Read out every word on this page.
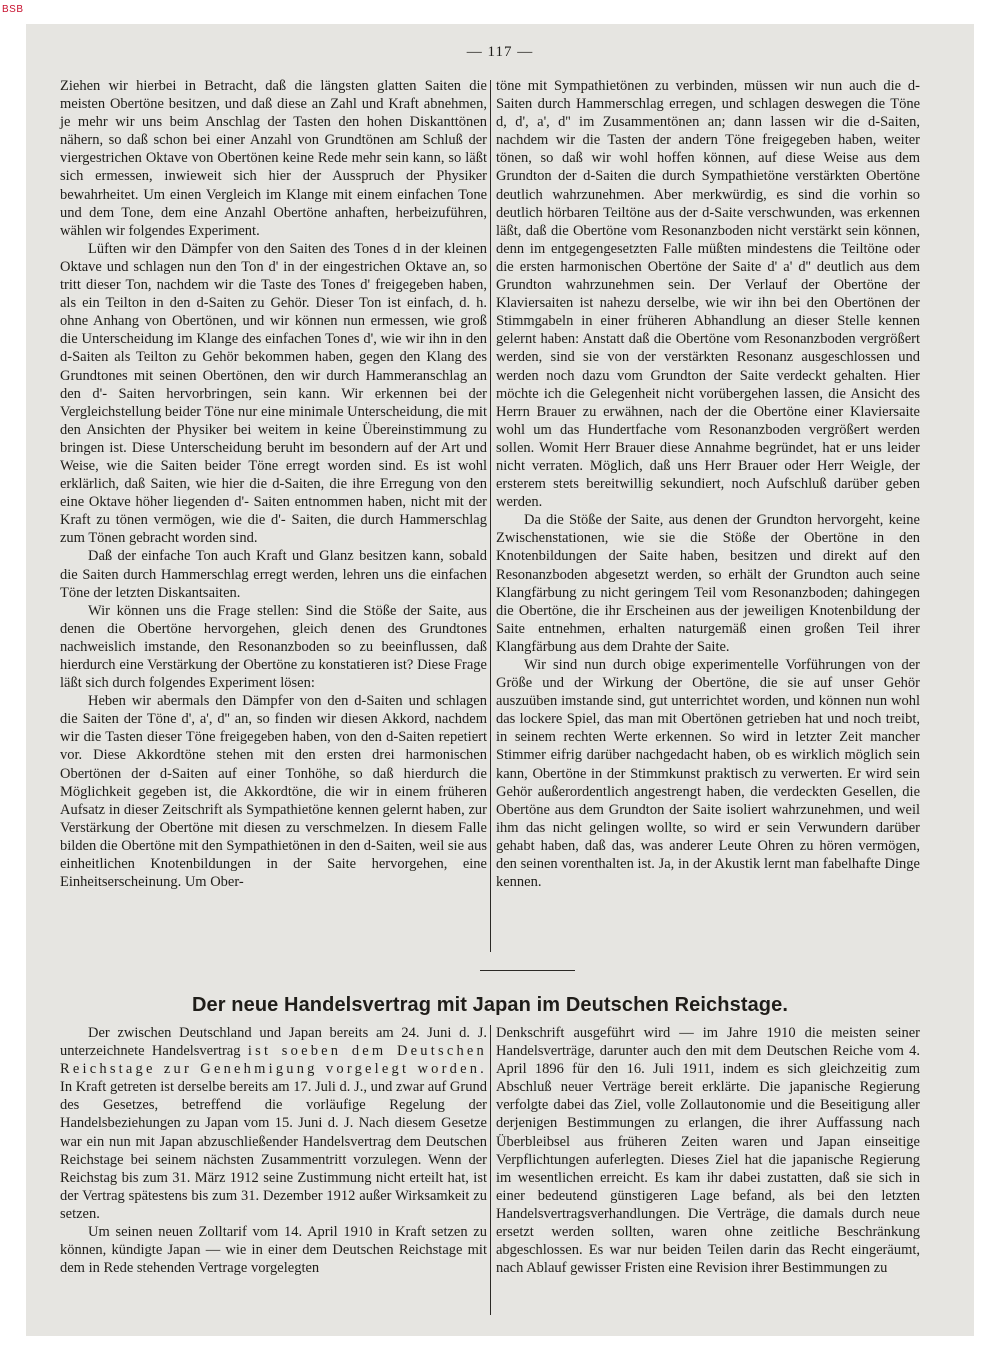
BSB
— 117 —

Ziehen wir hierbei in Betracht, daß die längsten glatten Saiten die meisten Obertöne besitzen, und daß diese an Zahl und Kraft abnehmen, je mehr wir uns beim Anschlag der Tasten den hohen Diskanttönen nähern, so daß schon bei einer Anzahl von Grundtönen am Schluß der viergestrichen Oktave von Obertönen keine Rede mehr sein kann, so läßt sich ermessen, inwieweit sich hier der Ausspruch der Physiker bewahrheitet. Um einen Vergleich im Klange mit einem einfachen Tone und dem Tone, dem eine Anzahl Obertöne anhaften, herbeizuführen, wählen wir folgendes Experiment.

Lüften wir den Dämpfer von den Saiten des Tones d in der kleinen Oktave und schlagen nun den Ton d' in der eingestrichen Oktave an, so tritt dieser Ton, nachdem wir die Taste des Tones d' freigegeben haben, als ein Teilton in den d-Saiten zu Gehör. Dieser Ton ist einfach, d. h. ohne Anhang von Obertönen, und wir können nun ermessen, wie groß die Unterscheidung im Klange des einfachen Tones d', wie wir ihn in den d-Saiten als Teilton zu Gehör bekommen haben, gegen den Klang des Grundtones mit seinen Obertönen, den wir durch Hammeranschlag an den d'- Saiten hervorbringen, sein kann. Wir erkennen bei der Vergleichstellung beider Töne nur eine minimale Unterscheidung, die mit den Ansichten der Physiker bei weitem in keine Übereinstimmung zu bringen ist. Diese Unterscheidung beruht im besondern auf der Art und Weise, wie die Saiten beider Töne erregt worden sind. Es ist wohl erklärlich, daß Saiten, wie hier die d-Saiten, die ihre Erregung von den eine Oktave höher liegenden d'- Saiten entnommen haben, nicht mit der Kraft zu tönen vermögen, wie die d'- Saiten, die durch Hammerschlag zum Tönen gebracht worden sind.

Daß der einfache Ton auch Kraft und Glanz besitzen kann, sobald die Saiten durch Hammerschlag erregt werden, lehren uns die einfachen Töne der letzten Diskantsaiten.

Wir können uns die Frage stellen: Sind die Stöße der Saite, aus denen die Obertöne hervorgehen, gleich denen des Grundtones nachweislich imstande, den Resonanzboden so zu beeinflussen, daß hierdurch eine Verstärkung der Obertöne zu konstatieren ist? Diese Frage läßt sich durch folgendes Experiment lösen:

Heben wir abermals den Dämpfer von den d-Saiten und schlagen die Saiten der Töne d', a', d'' an, so finden wir diesen Akkord, nachdem wir die Tasten dieser Töne freigegeben haben, von den d-Saiten repetiert vor. Diese Akkordtöne stehen mit den ersten drei harmonischen Obertönen der d-Saiten auf einer Tonhöhe, so daß hierdurch die Möglichkeit gegeben ist, die Akkordtöne, die wir in einem früheren Aufsatz in dieser Zeitschrift als Sympathietöne kennen gelernt haben, zur Verstärkung der Obertöne mit diesen zu verschmelzen. In diesem Falle bilden die Obertöne mit den Sympathietönen in den d-Saiten, weil sie aus einheitlichen Knotenbildungen in der Saite hervorgehen, eine Einheitserscheinung. Um Ober-

töne mit Sympathietönen zu verbinden, müssen wir nun auch die d-Saiten durch Hammerschlag erregen, und schlagen deswegen die Töne d, d', a', d'' im Zusammentönen an; dann lassen wir die d-Saiten, nachdem wir die Tasten der andern Töne freigegeben haben, weiter tönen, so daß wir wohl hoffen können, auf diese Weise aus dem Grundton der d-Saiten die durch Sympathietöne verstärkten Obertöne deutlich wahrzunehmen. Aber merkwürdig, es sind die vorhin so deutlich hörbaren Teiltöne aus der d-Saite verschwunden, was erkennen läßt, daß die Obertöne vom Resonanzboden nicht verstärkt sein können, denn im entgegengesetzten Falle müßten mindestens die Teiltöne oder die ersten harmonischen Obertöne der Saite d' a' d'' deutlich aus dem Grundton wahrzunehmen sein. Der Verlauf der Obertöne der Klaviersaiten ist nahezu derselbe, wie wir ihn bei den Obertönen der Stimmgabeln in einer früheren Abhandlung an dieser Stelle kennen gelernt haben: Anstatt daß die Obertöne vom Resonanzboden vergrößert werden, sind sie von der verstärkten Resonanz ausgeschlossen und werden noch dazu vom Grundton der Saite verdeckt gehalten. Hier möchte ich die Gelegenheit nicht vorübergehen lassen, die Ansicht des Herrn Brauer zu erwähnen, nach der die Obertöne einer Klaviersaite wohl um das Hundertfache vom Resonanzboden vergrößert werden sollen. Womit Herr Brauer diese Annahme begründet, hat er uns leider nicht verraten. Möglich, daß uns Herr Brauer oder Herr Weigle, der ersterem stets bereitwillig sekundiert, noch Aufschluß darüber geben werden.

Da die Stöße der Saite, aus denen der Grundton hervorgeht, keine Zwischenstationen, wie sie die Stöße der Obertöne in den Knotenbildungen der Saite haben, besitzen und direkt auf den Resonanzboden abgesetzt werden, so erhält der Grundton auch seine Klangfärbung zu nicht geringem Teil vom Resonanzboden; dahingegen die Obertöne, die ihr Erscheinen aus der jeweiligen Knotenbildung der Saite entnehmen, erhalten naturgemäß einen großen Teil ihrer Klangfärbung aus dem Drahte der Saite.

Wir sind nun durch obige experimentelle Vorführungen von der Größe und der Wirkung der Obertöne, die sie auf unser Gehör auszuüben imstande sind, gut unterrichtet worden, und können nun wohl das lockere Spiel, das man mit Obertönen getrieben hat und noch treibt, in seinem rechten Werte erkennen. So wird in letzter Zeit mancher Stimmer eifrig darüber nachgedacht haben, ob es wirklich möglich sein kann, Obertöne in der Stimmkunst praktisch zu verwerten. Er wird sein Gehör außerordentlich angestrengt haben, die verdeckten Gesellen, die Obertöne aus dem Grundton der Saite isoliert wahrzunehmen, und weil ihm das nicht gelingen wollte, so wird er sein Verwundern darüber gehabt haben, daß das, was anderer Leute Ohren zu hören vermögen, den seinen vorenthalten ist. Ja, in der Akustik lernt man fabelhafte Dinge kennen.

Der neue Handelsvertrag mit Japan im Deutschen Reichstage.

Der zwischen Deutschland und Japan bereits am 24. Juni d. J. unterzeichnete Handelsvertrag ist soeben dem Deutschen Reichstage zur Genehmigung vorgelegt worden. In Kraft getreten ist derselbe bereits am 17. Juli d. J., und zwar auf Grund des Gesetzes, betreffend die vorläufige Regelung der Handelsbeziehungen zu Japan vom 15. Juni d. J. Nach diesem Gesetze war ein nun mit Japan abzuschließender Handelsvertrag dem Deutschen Reichstage bei seinem nächsten Zusammentritt vorzulegen. Wenn der Reichstag bis zum 31. März 1912 seine Zustimmung nicht erteilt hat, ist der Vertrag spätestens bis zum 31. Dezember 1912 außer Wirksamkeit zu setzen.

Um seinen neuen Zolltarif vom 14. April 1910 in Kraft setzen zu können, kündigte Japan — wie in einer dem Deutschen Reichstage mit dem in Rede stehenden Vertrage vorgelegten

Denkschrift ausgeführt wird — im Jahre 1910 die meisten seiner Handelsverträge, darunter auch den mit dem Deutschen Reiche vom 4. April 1896 für den 16. Juli 1911, indem es sich gleichzeitig zum Abschluß neuer Verträge bereit erklärte. Die japanische Regierung verfolgte dabei das Ziel, volle Zollautonomie und die Beseitigung aller derjenigen Bestimmungen zu erlangen, die ihrer Auffassung nach Überbleibsel aus früheren Zeiten waren und Japan einseitige Verpflichtungen auferlegten. Dieses Ziel hat die japanische Regierung im wesentlichen erreicht. Es kam ihr dabei zustatten, daß sie sich in einer bedeutend günstigeren Lage befand, als bei den letzten Handelsvertragsverhandlungen. Die Verträge, die damals durch neue ersetzt werden sollten, waren ohne zeitliche Beschränkung abgeschlossen. Es war nur beiden Teilen darin das Recht eingeräumt, nach Ablauf gewisser Fristen eine Revision ihrer Bestimmungen zu
